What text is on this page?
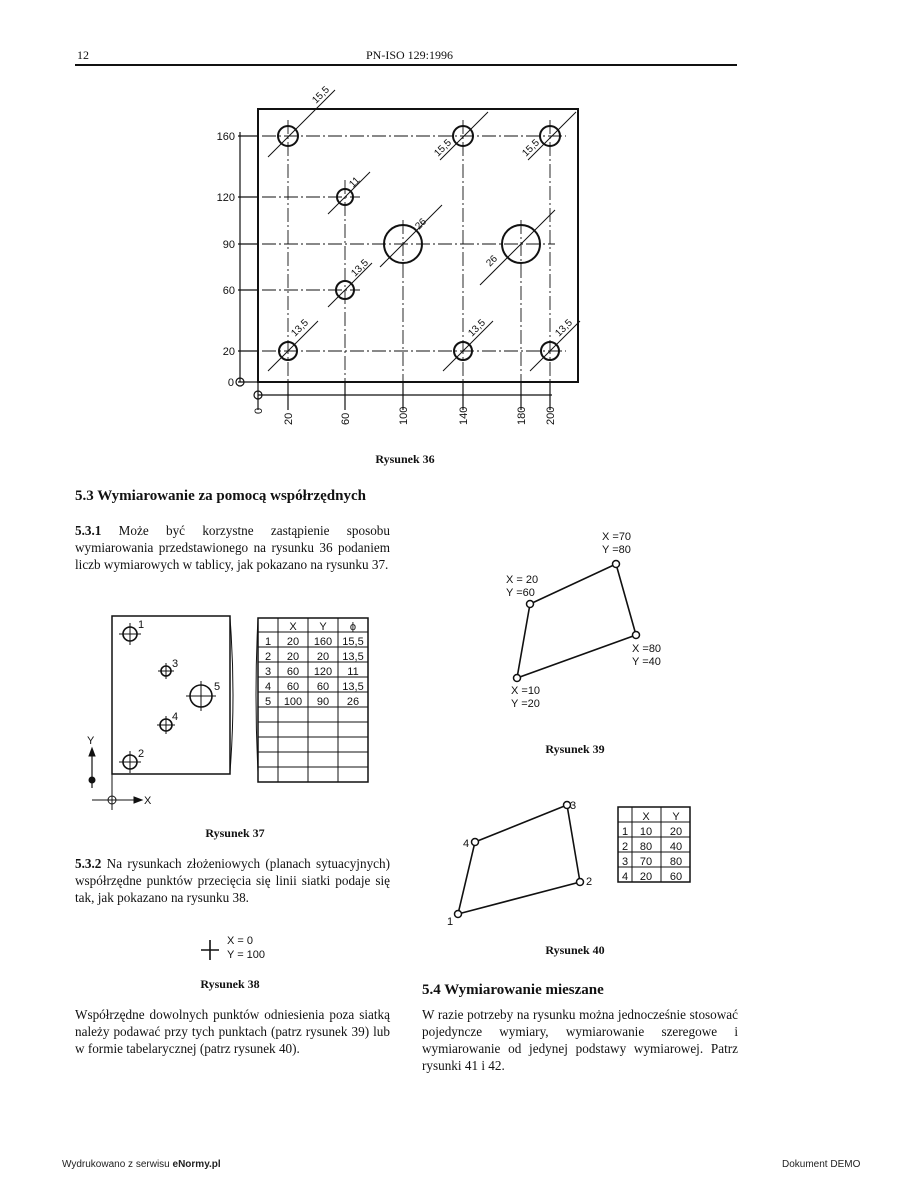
12	PN-ISO 129:1996
160
120
90
60
20
0
0
20	60	100	140	180 200
15,5
15,5	15,5
11
26
26
13,5
13,5	13,5	13,5
Rysunek 36
5.3 Wymiarowanie za pomocą współrzędnych
5.3.1 Może być korzystne zastąpienie sposobu wymiarowania przedstawionego na rysunku 36 podaniem liczb wymiarowych w tablicy, jak pokazano na rysunku 37.
1
2
3
4
5
Y
X
X Y ϕ
1 20 160 15,5
2 20 20 13,5
3 60 120 11
4 60 60 13,5
5 100 90 26
Rysunek 37
5.3.2 Na rysunkach złożeniowych (planach sytuacyjnych) współrzędne punktów przecięcia się linii siatki podaje się tak, jak pokazano na rysunku 38.
X = 0
Y = 100
Rysunek 38
Współrzędne dowolnych punktów odniesienia poza siatką należy podawać przy tych punktach (patrz rysunek 39) lub w formie tabelarycznej (patrz rysunek 40).
X =70
Y =80
X = 20
Y =60
X =80
Y =40
X =10
Y =20
Rysunek 39
1
2
3
4
X Y
1 10 20
2 80 40
3 70 80
4 20 60
Rysunek 40
5.4 Wymiarowanie mieszane
W razie potrzeby na rysunku można jednocześnie stosować pojedyncze wymiary, wymiarowanie szeregowe i wymiarowanie od jedynej podstawy wymiarowej. Patrz rysunki 41 i 42.
Wydrukowano z serwisu eNormy.pl	Dokument DEMO
